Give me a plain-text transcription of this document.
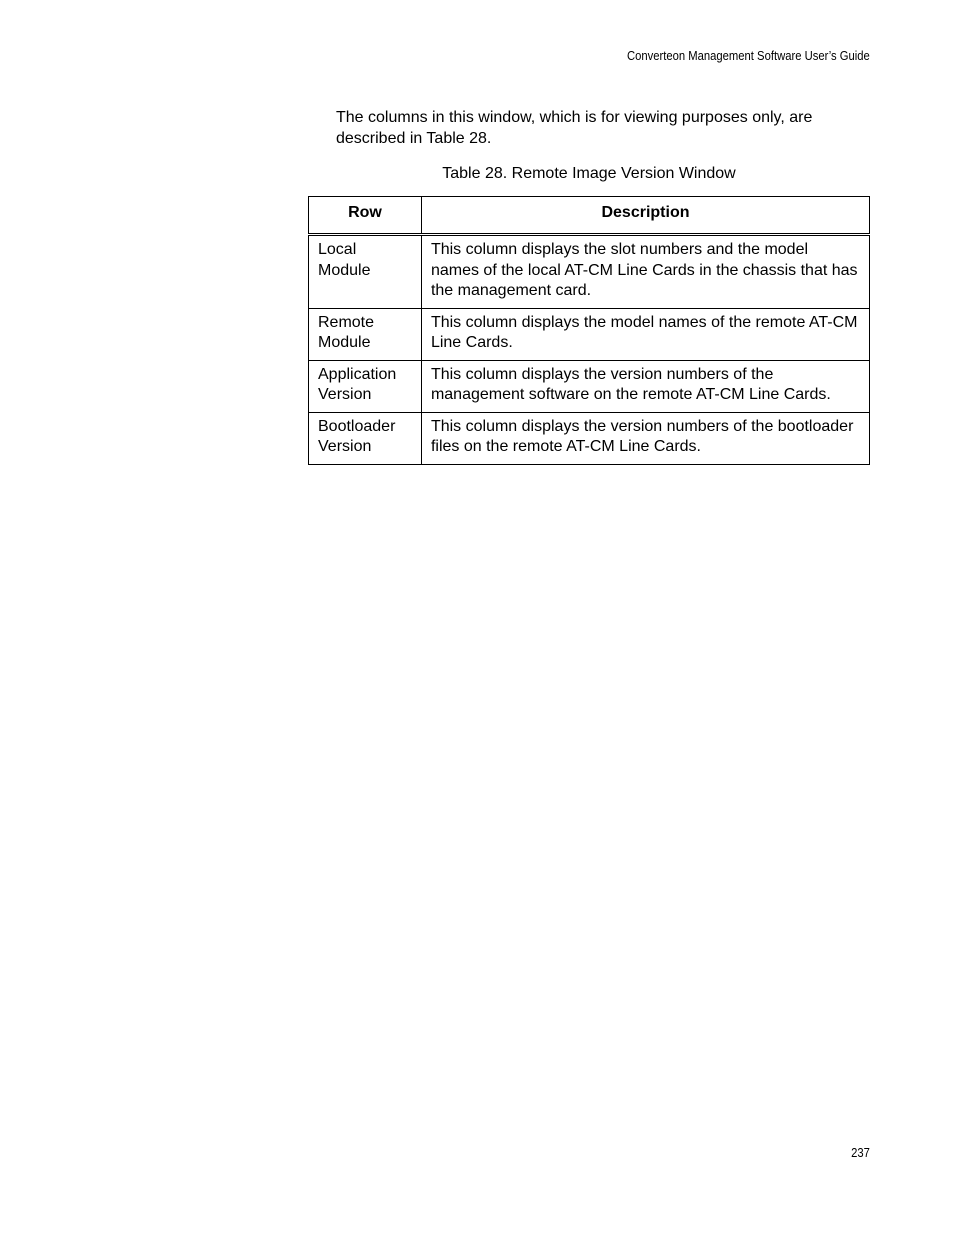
Converteon Management Software User’s Guide

The columns in this window, which is for viewing purposes only, are described in Table 28.

Table 28. Remote Image Version Window
Row	Description
Local Module	This column displays the slot numbers and the model names of the local AT-CM Line Cards in the chassis that has the management card.
Remote Module	This column displays the model names of the remote AT-CM Line Cards.
Application Version	This column displays the version numbers of the management software on the remote AT-CM Line Cards.
Bootloader Version	This column displays the version numbers of the bootloader files on the remote AT-CM Line Cards.
237
